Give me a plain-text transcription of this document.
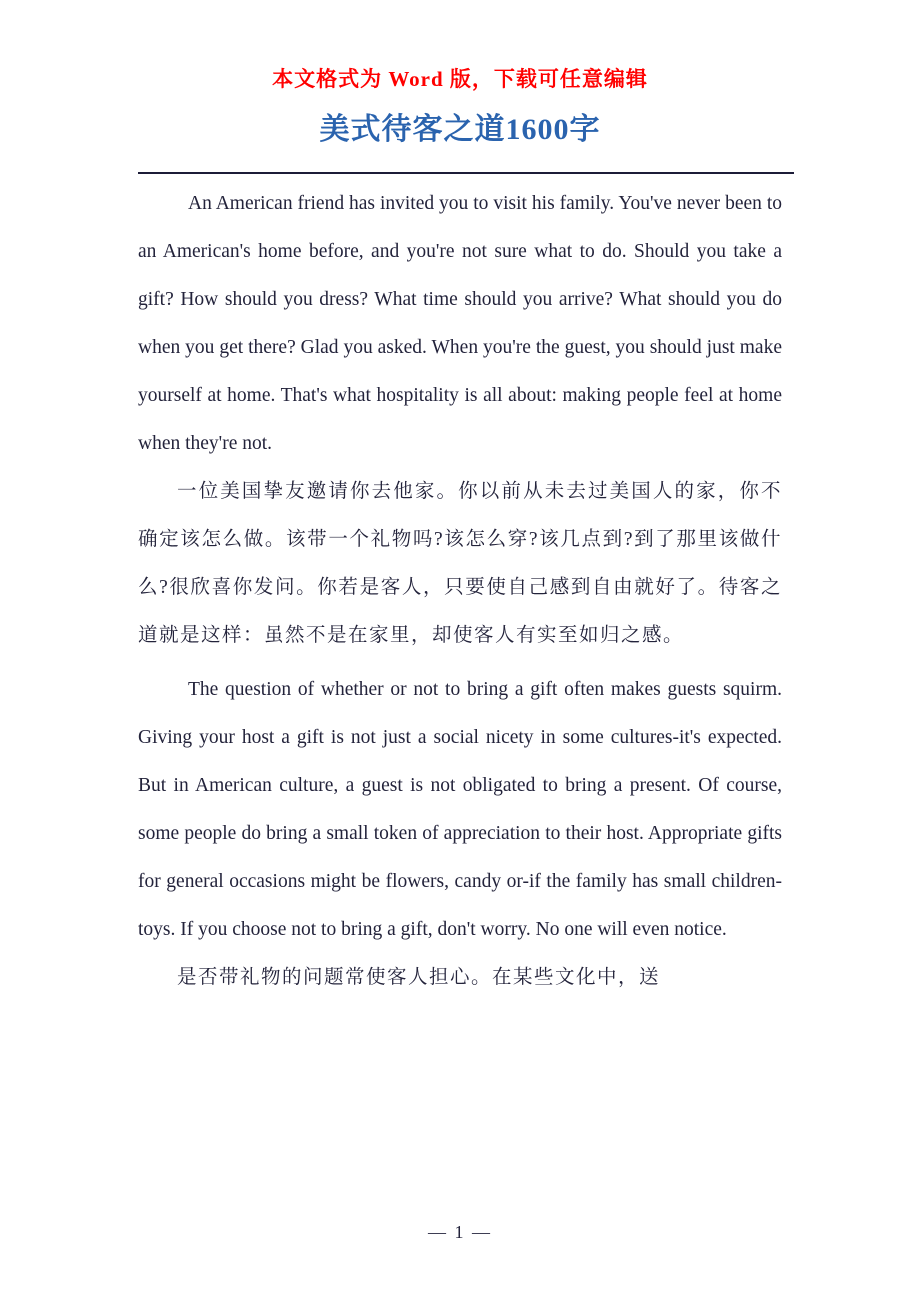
本文格式为 Word 版，下载可任意编辑
美式待客之道1600字

An American friend has invited you to visit his family. You've never been to an American's home before, and you're not sure what to do. Should you take a gift? How should you dress? What time should you arrive? What should you do when you get there? Glad you asked. When you're the guest, you should just make yourself at home. That's what hospitality is all about: making people feel at home when they're not.

一位美国挚友邀请你去他家。你以前从未去过美国人的家，你不确定该怎么做。该带一个礼物吗?该怎么穿?该几点到?到了那里该做什么?很欣喜你发问。你若是客人，只要使自己感到自由就好了。待客之道就是这样：虽然不是在家里，却使客人有实至如归之感。

The question of whether or not to bring a gift often makes guests squirm. Giving your host a gift is not just a social nicety in some cultures-it's expected. But in American culture, a guest is not obligated to bring a present. Of course, some people do bring a small token of appreciation to their host. Appropriate gifts for general occasions might be flowers, candy or-if the family has small children-toys. If you choose not to bring a gift, don't worry. No one will even notice.

是否带礼物的问题常使客人担心。在某些文化中，送

— 1 —
